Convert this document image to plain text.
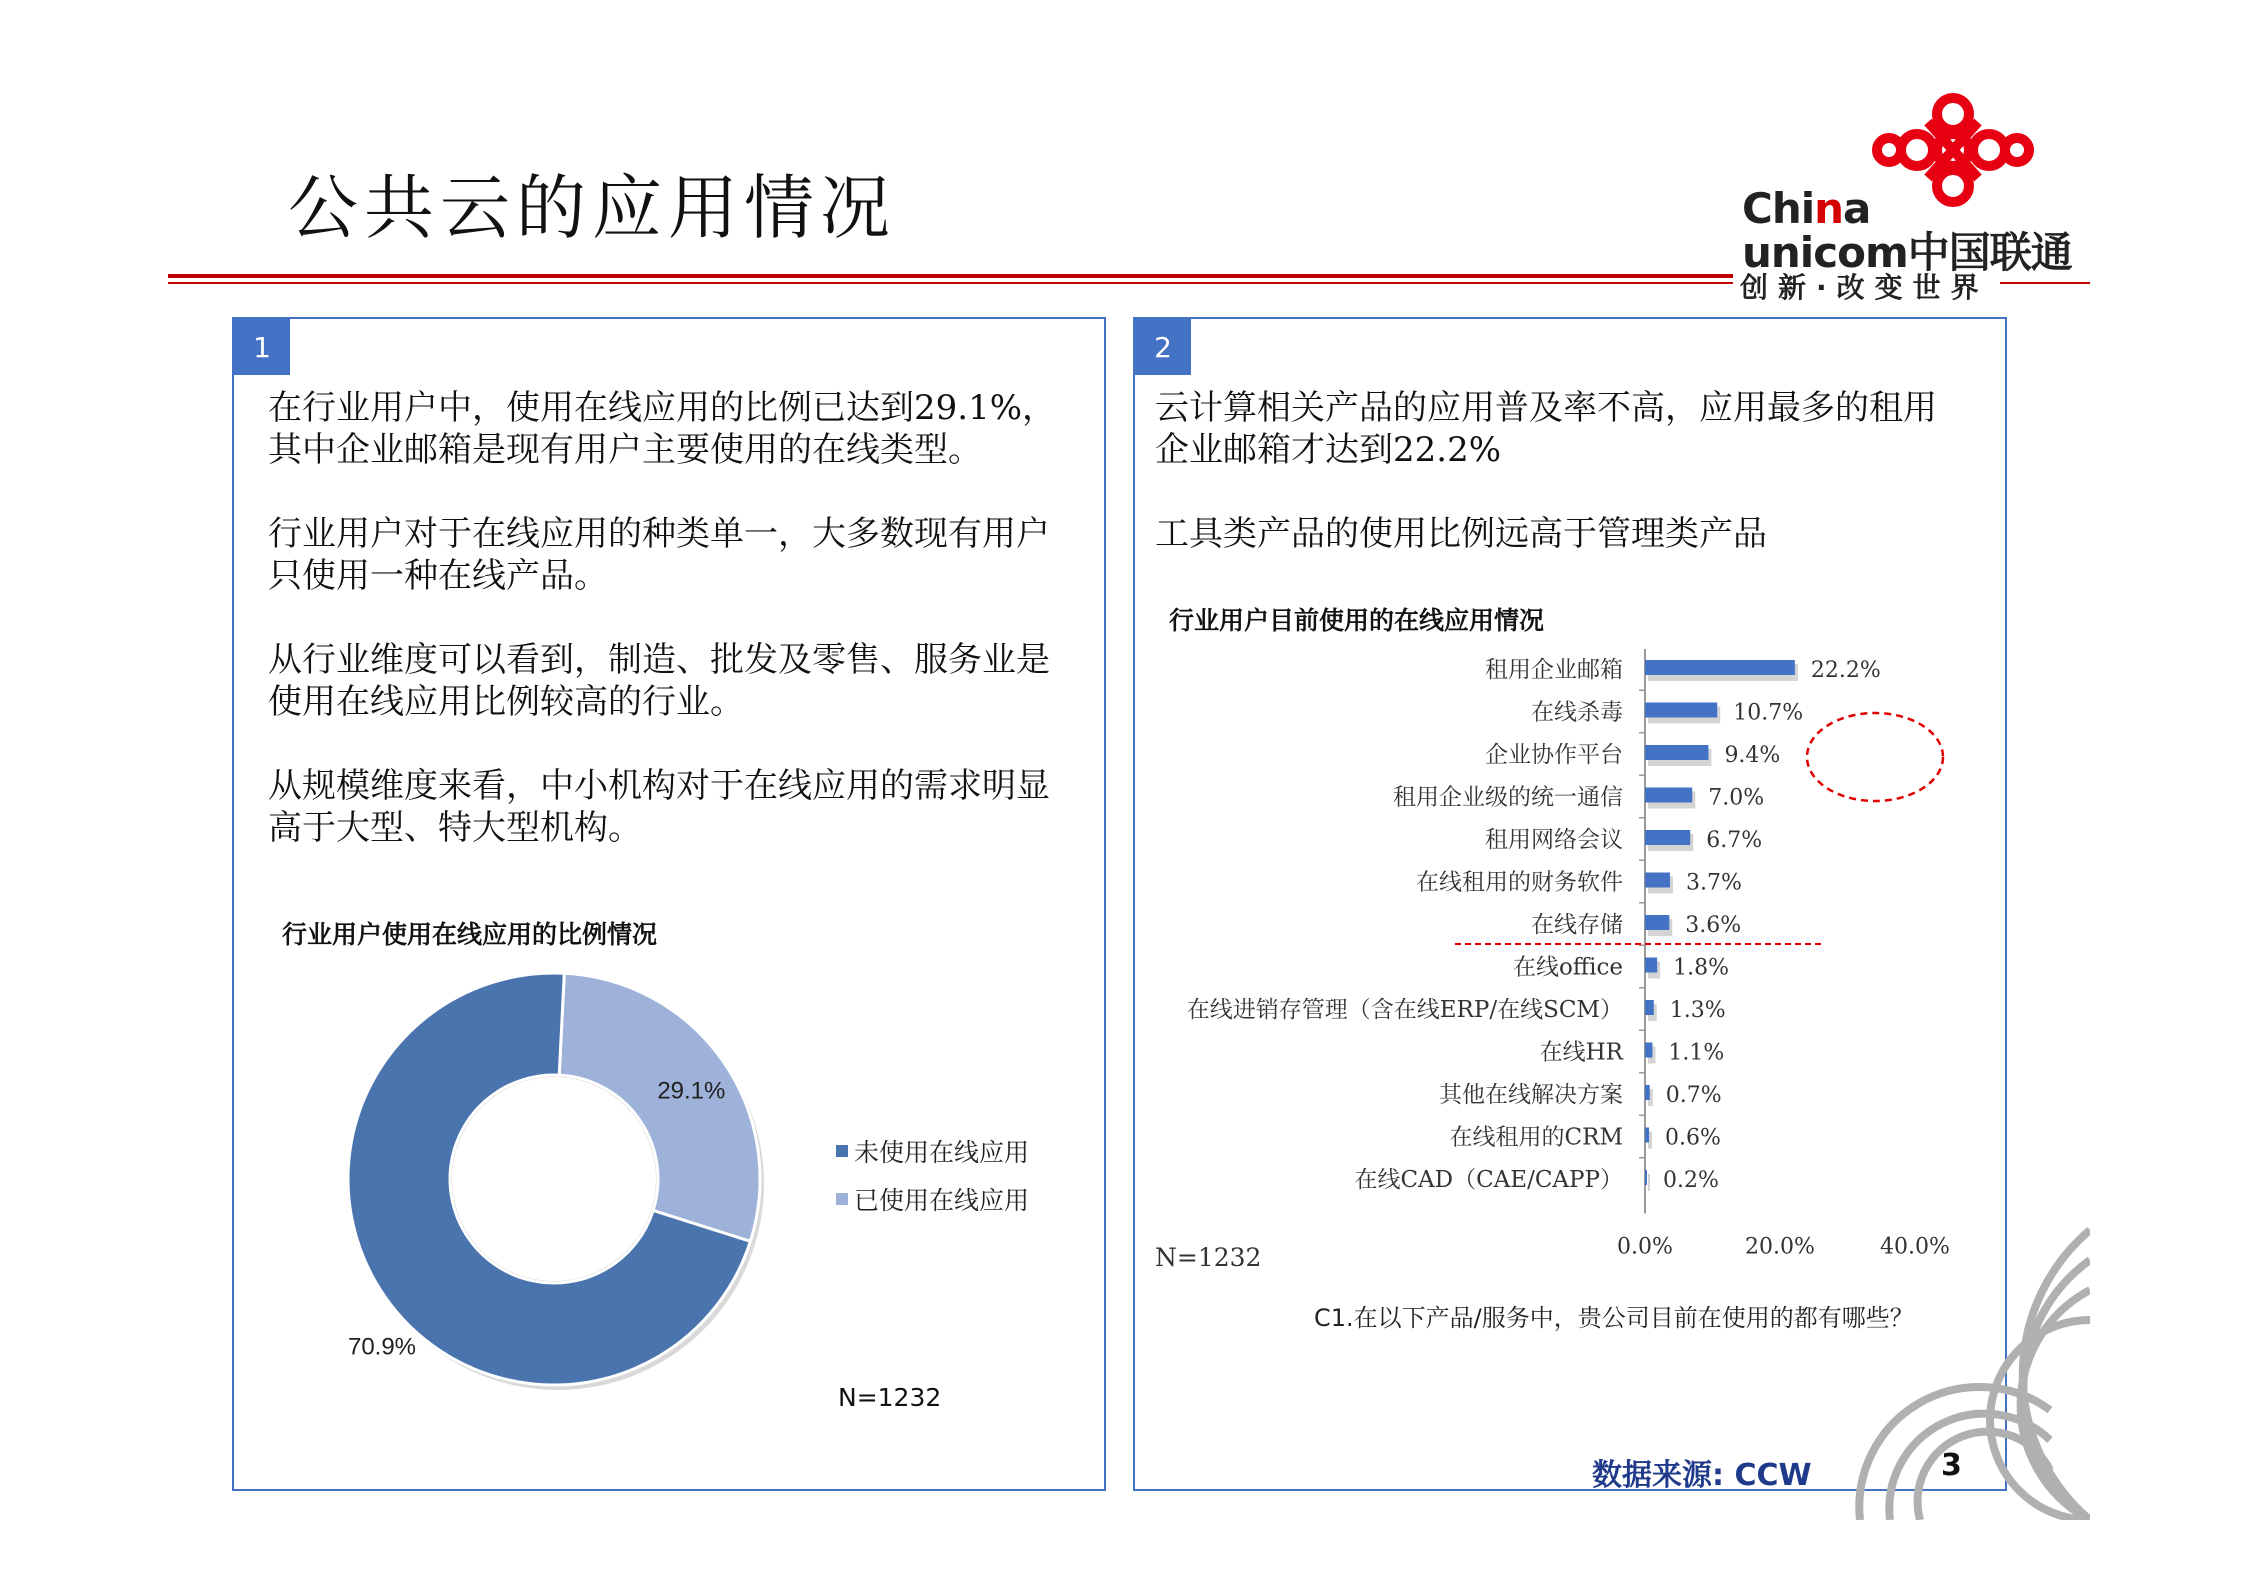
公共云的应用情况	China
unicom中国联通
创新·改变世界
1
在行业用户中，使用在线应用的比例已达到29.1%，
其中企业邮箱是现有用户主要使用的在线类型。
行业用户对于在线应用的种类单一，大多数现有用户
只使用一种在线产品。
从行业维度可以看到，制造、批发及零售、服务业是
使用在线应用比例较高的行业。
从规模维度来看，中小机构对于在线应用的需求明显
高于大型、特大型机构。
行业用户使用在线应用的比例情况
29.1%
70.9%
未使用在线应用
已使用在线应用
N=1232
2
云计算相关产品的应用普及率不高，应用最多的租用
企业邮箱才达到22.2%
工具类产品的使用比例远高于管理类产品
行业用户目前使用的在线应用情况
租用企业邮箱	22.2%
在线杀毒	10.7%
企业协作平台	9.4%
租用企业级的统一通信	7.0%
租用网络会议	6.7%
在线租用的财务软件	3.7%
在线存储	3.6%
在线office 1.8%
在线进销存管理（含在线ERP/在线SCM） 1.3%
在线HR 1.1%
其他在线解决方案 0.7%
在线租用的CRM 0.6%
在线CAD（CAE/CAPP） 0.2%
0.0%	20.0%	40.0%
N=1232
C1.在以下产品/服务中，贵公司目前在使用的都有哪些？
数据来源: CCW	3
